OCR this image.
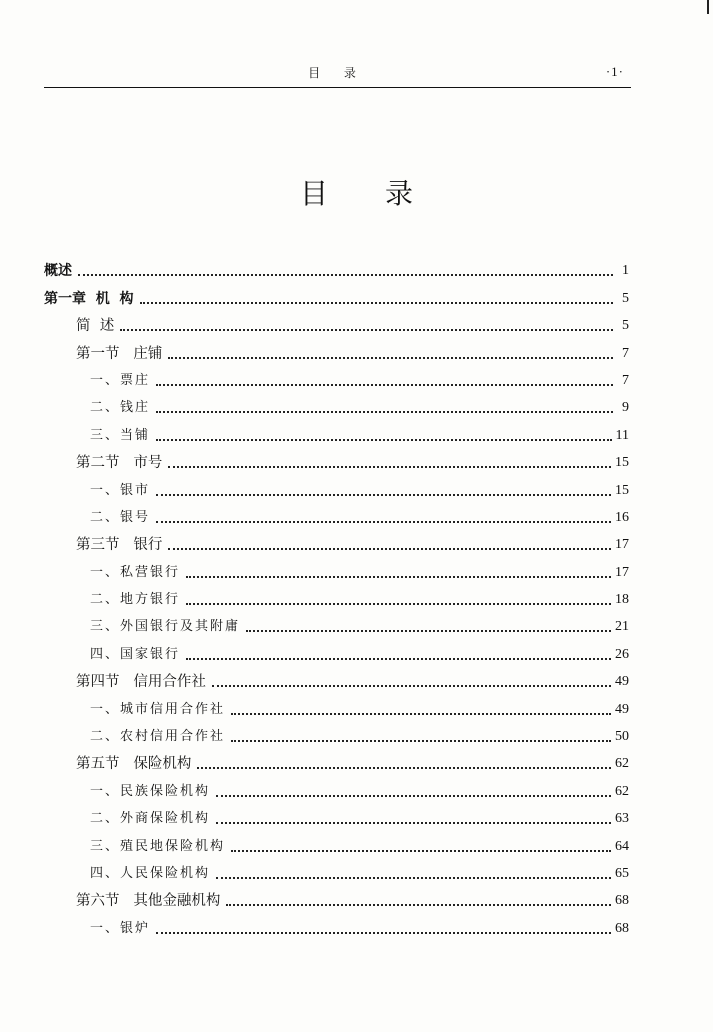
目 录	·1·
目 录
概述	1
第一章  机  构	5
简  述	5
第一节   庄铺	7
一、票庄	7
二、钱庄	9
三、当铺	11
第二节   市号	15
一、银市	15
二、银号	16
第三节   银行	17
一、私营银行	17
二、地方银行	18
三、外国银行及其附庸	21
四、国家银行	26
第四节   信用合作社	49
一、城市信用合作社	49
二、农村信用合作社	50
第五节   保险机构	62
一、民族保险机构	62
二、外商保险机构	63
三、殖民地保险机构	64
四、人民保险机构	65
第六节   其他金融机构	68
一、银炉	68
